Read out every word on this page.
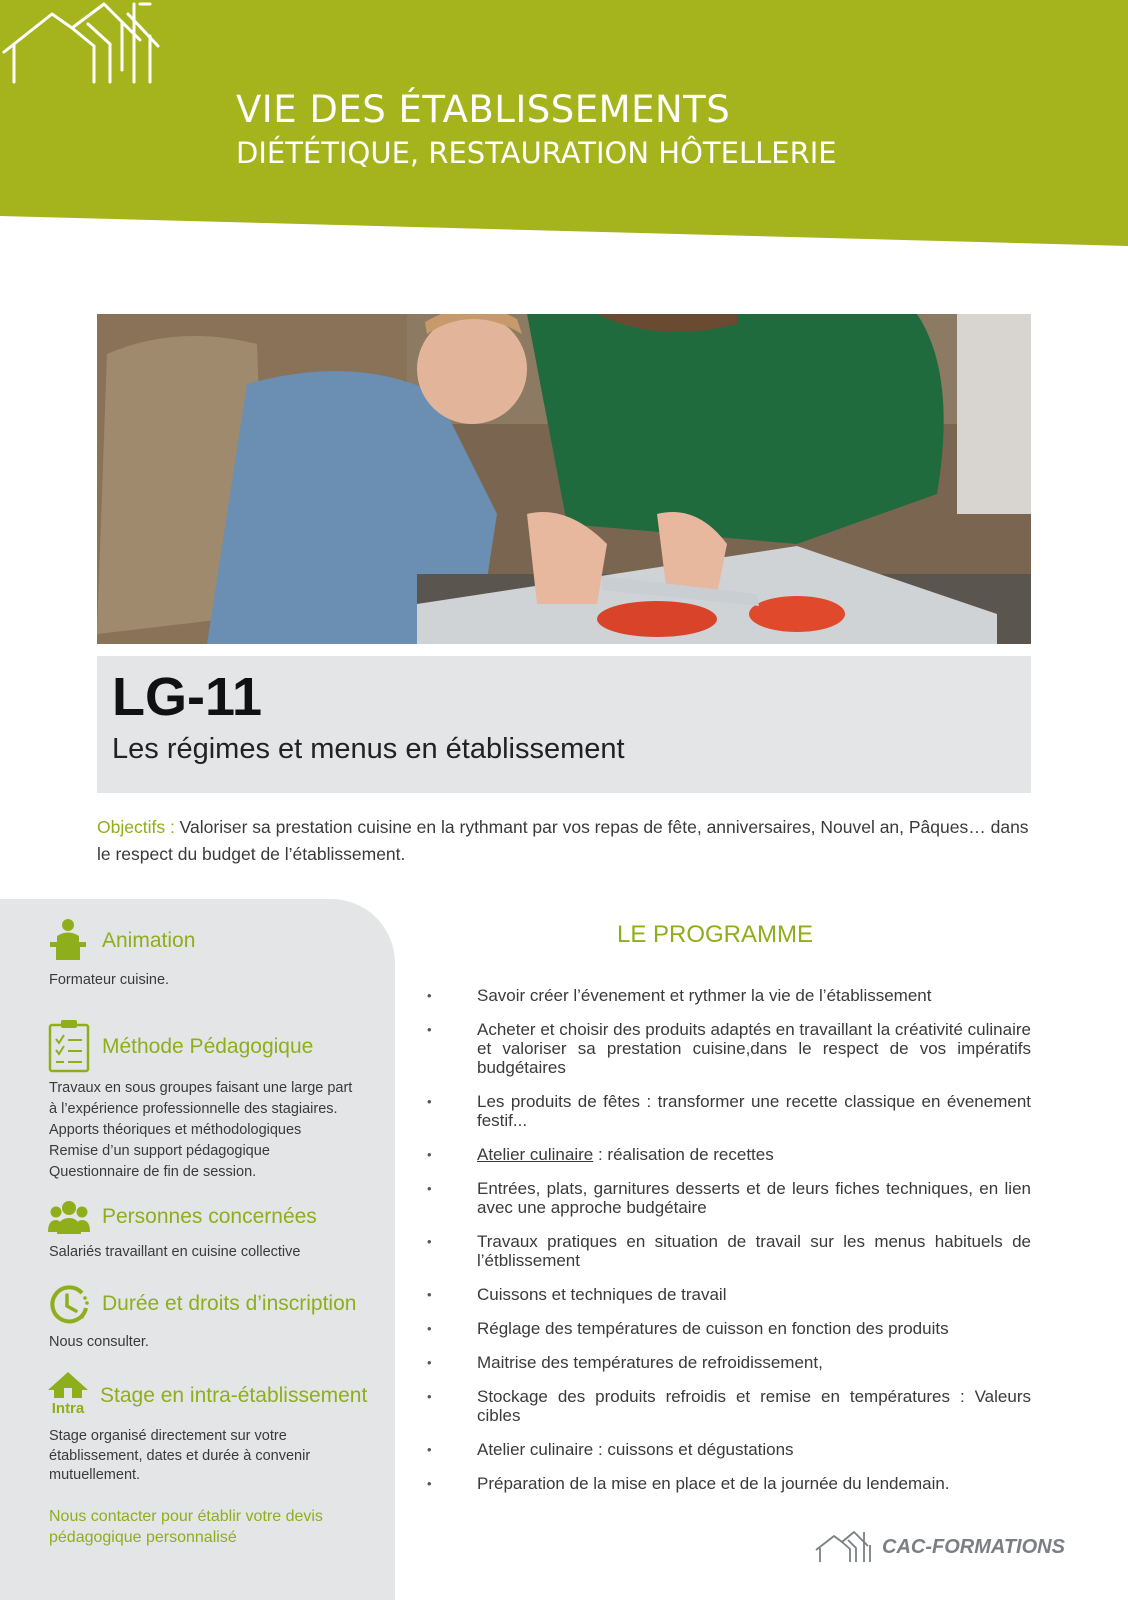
VIE DES ÉTABLISSEMENTS
DIÉTÉTIQUE, RESTAURATION HÔTELLERIE
LG-11
Les régimes et menus en établissement
Objectifs : Valoriser sa prestation cuisine en la rythmant par vos repas de fête, anniversaires, Nouvel an, Pâques… dans le respect du budget de l’établissement.
Animation
Formateur cuisine.
Méthode Pédagogique
Travaux en sous groupes faisant une large part
à l’expérience professionnelle des stagiaires.
Apports théoriques et méthodologiques
Remise d’un support pédagogique
Questionnaire de fin de session.
Personnes concernées
Salariés travaillant en cuisine collective
Durée et droits d’inscription
Nous consulter.
Intra
Stage en intra-établissement
Stage organisé directement sur votre établissement, dates et durée à convenir mutuellement.
Nous contacter pour établir votre devis pédagogique personnalisé
LE PROGRAMME
•	Savoir créer l’évenement et rythmer la vie de l’établissement
•	Acheter et choisir des produits adaptés en travaillant la créativité culinaire et valoriser sa prestation cuisine,dans le respect de vos impératifs budgétaires
•	Les produits de fêtes : transformer une recette classique en évenement festif...
•	Atelier culinaire : réalisation de recettes
•	Entrées, plats, garnitures desserts et de leurs fiches techniques, en lien avec une approche budgétaire
•	Travaux pratiques en situation de travail sur les menus habituels de l’étblissement
•	Cuissons et techniques de travail
•	Réglage des températures de cuisson en fonction des produits
•	Maitrise des températures de refroidissement,
•	Stockage des produits refroidis et remise en températures : Valeurs cibles
•	Atelier culinaire : cuissons et dégustations
•	Préparation de la mise en place et de la journée du lendemain.
CAC-FORMATIONS
